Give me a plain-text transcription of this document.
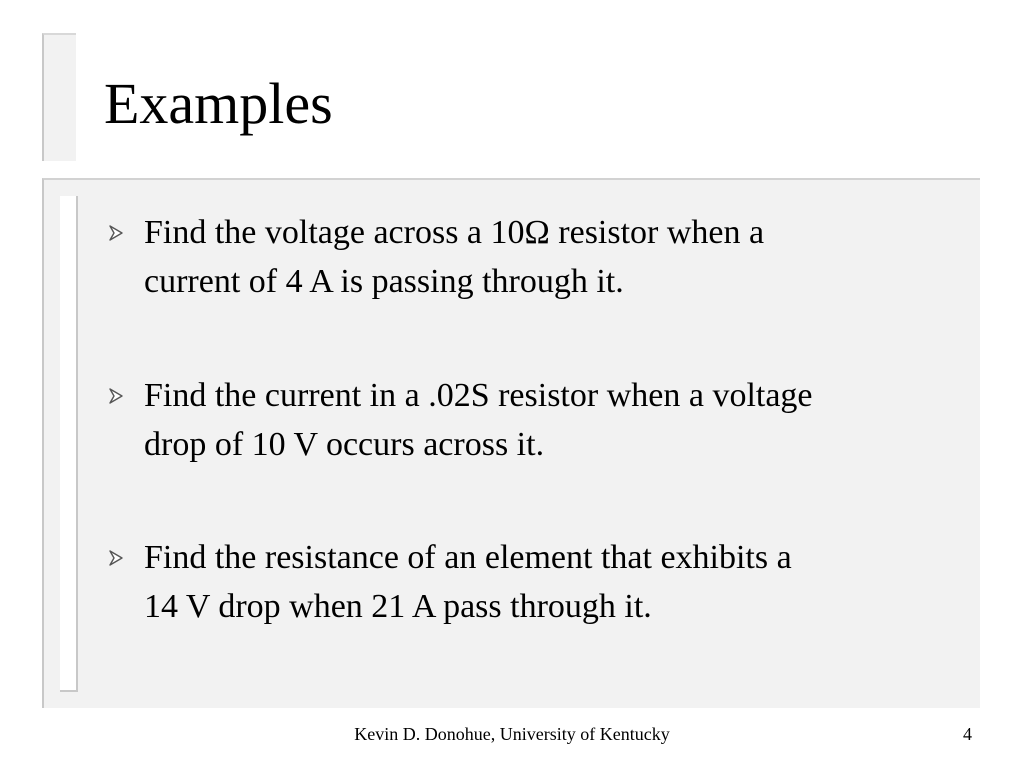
Examples

Find the voltage across a 10Ω resistor when a
current of 4 A is passing through it.

Find the current in a .02S resistor when a voltage
drop of 10 V occurs across it.

Find the resistance of an element that exhibits a
14 V drop when 21 A pass through it.

Kevin D. Donohue, University of Kentucky	4
